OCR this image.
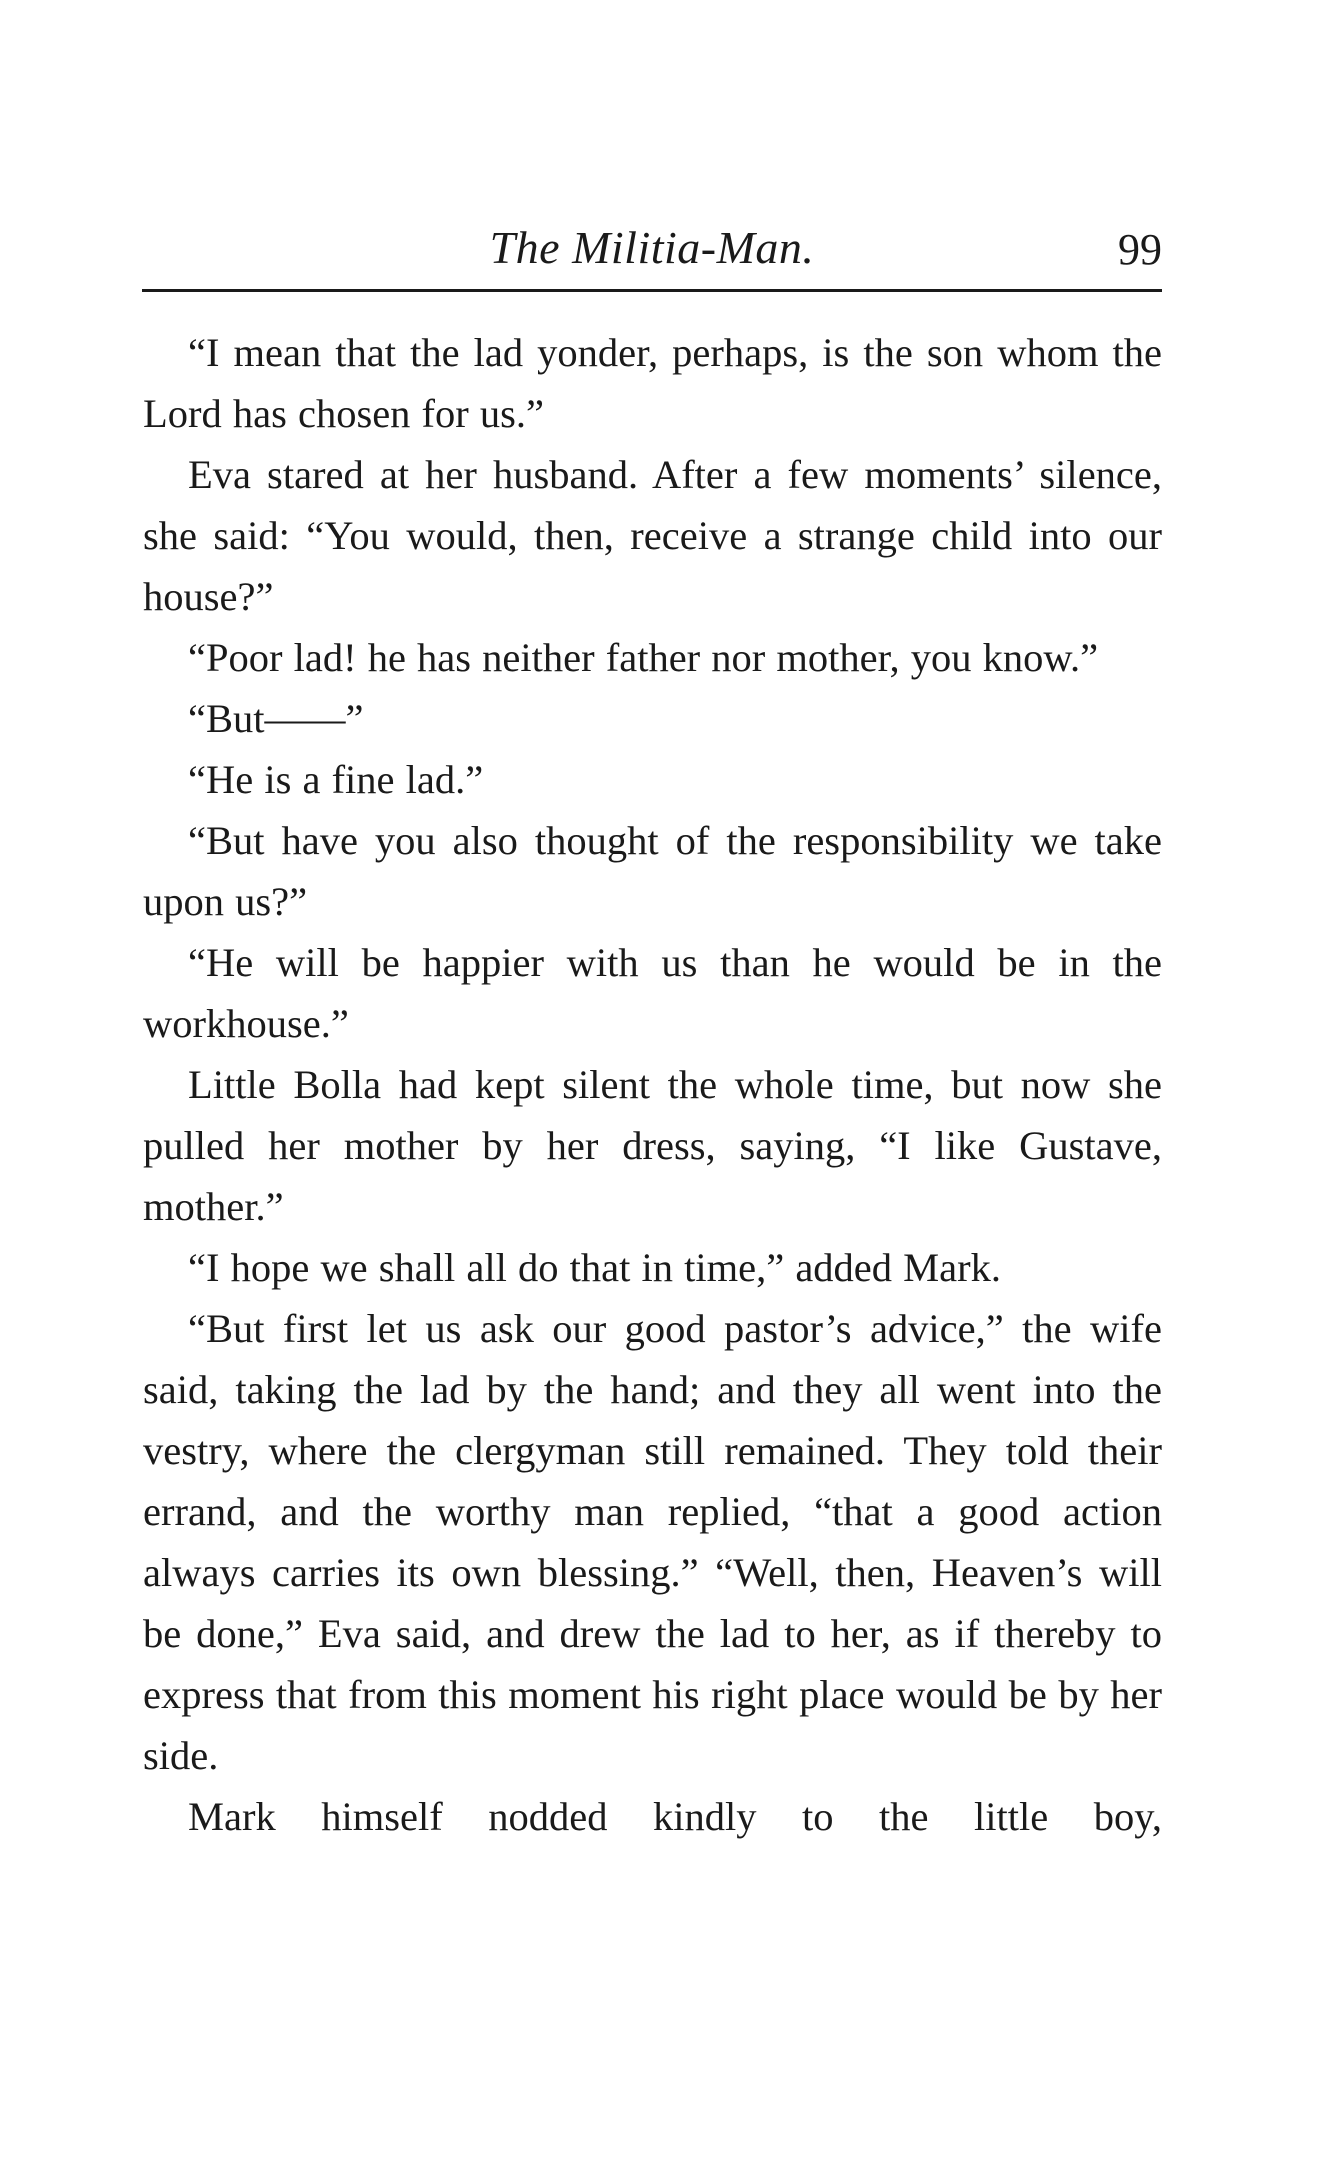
The Militia-Man.	99

“I mean that the lad yonder, perhaps, is the son whom the Lord has chosen for us.”

Eva stared at her husband. After a few moments’ silence, she said: “You would, then, receive a strange child into our house?”

“Poor lad! he has neither father nor mother, you know.”

“But——”

“He is a fine lad.”

“But have you also thought of the responsibility we take upon us?”

“He will be happier with us than he would be in the workhouse.”

Little Bolla had kept silent the whole time, but now she pulled her mother by her dress, saying, “I like Gustave, mother.”

“I hope we shall all do that in time,” added Mark.

“But first let us ask our good pastor’s advice,” the wife said, taking the lad by the hand; and they all went into the vestry, where the clergyman still remained. They told their errand, and the worthy man replied, “that a good action always carries its own blessing.” “Well, then, Heaven’s will be done,” Eva said, and drew the lad to her, as if thereby to express that from this moment his right place would be by her side.

Mark himself nodded kindly to the little boy,
